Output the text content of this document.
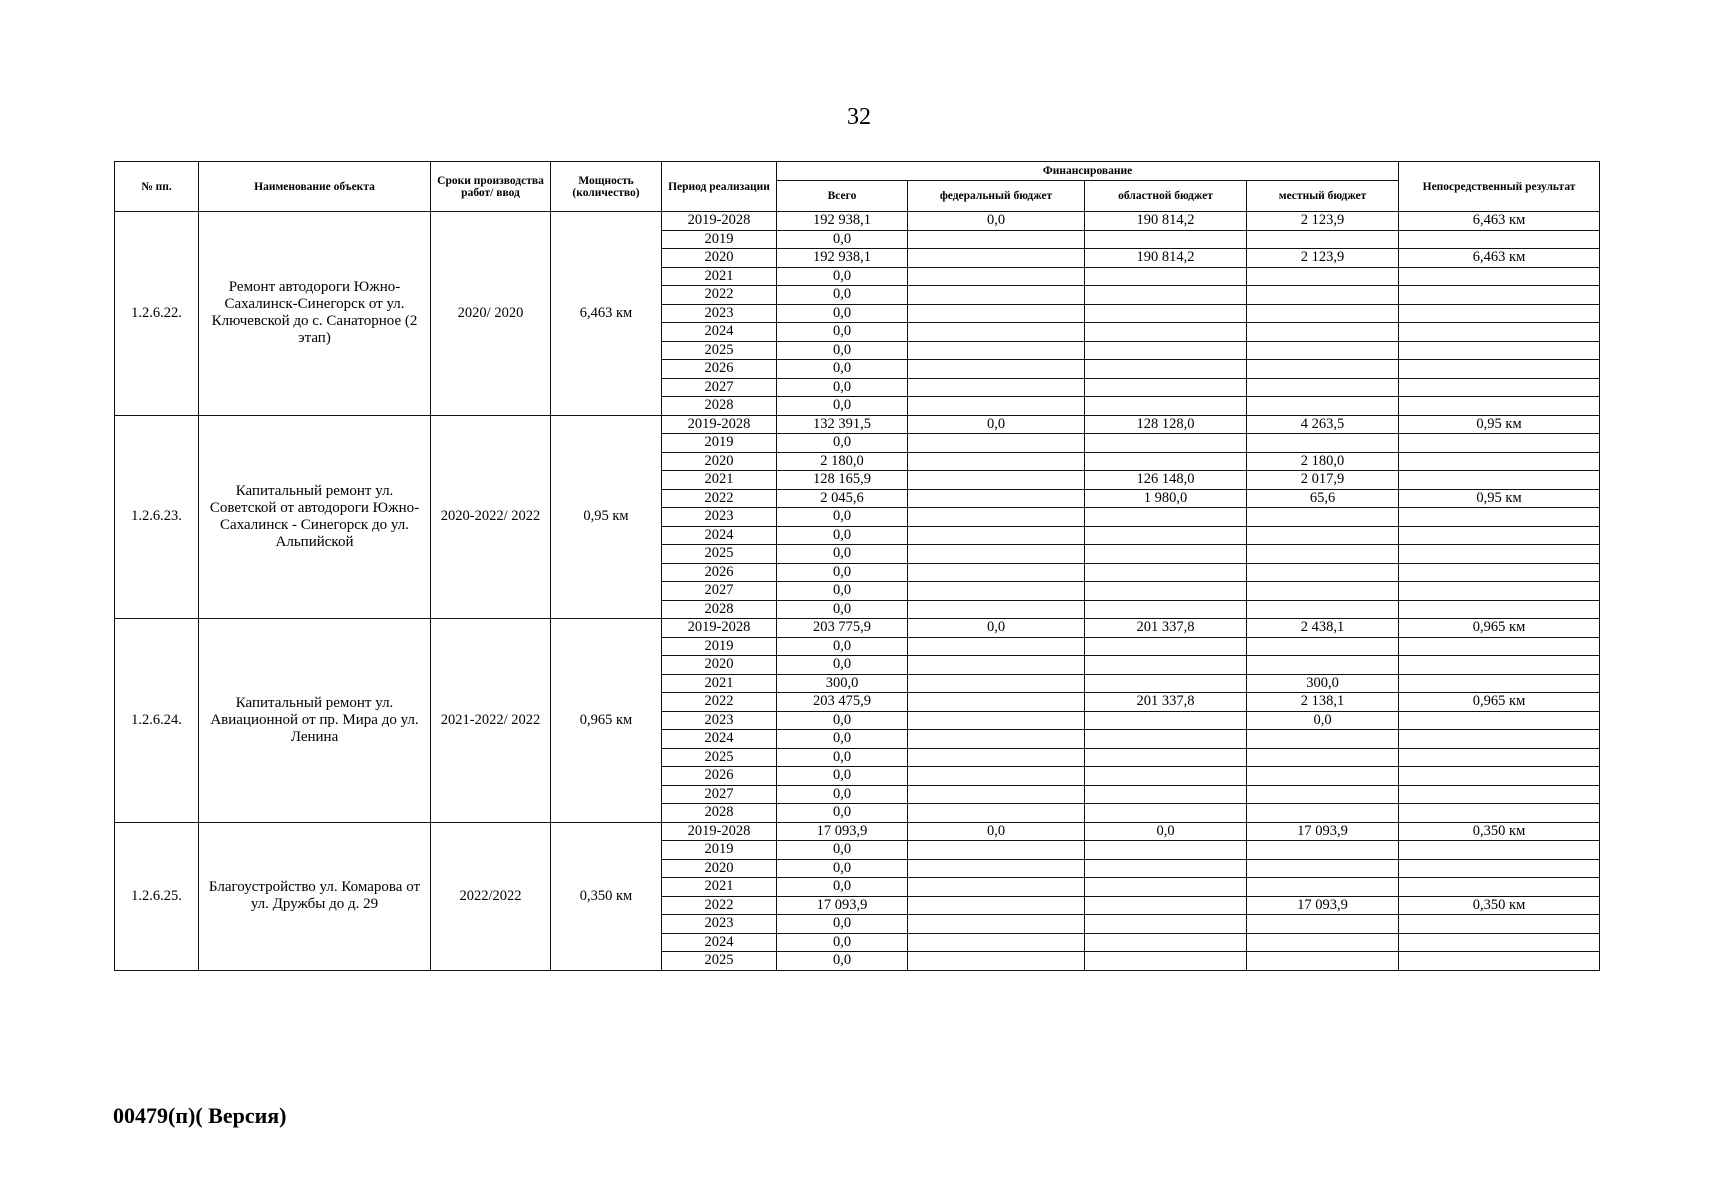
32
№ пп.	Наименование объекта	Сроки производства работ/ ввод	Мощность (количество)	Период реализации	Финансирование				Непосредственный результат
					Всего	федеральный бюджет	областной бюджет	местный бюджет	
1.2.6.22.	Ремонт автодороги Южно-Сахалинск-Синегорск от ул. Ключевской до с. Санаторное (2 этап)	2020/ 2020	6,463 км	2019-2028	192 938,1	0,0	190 814,2	2 123,9	6,463 км
				2019	0,0				
				2020	192 938,1		190 814,2	2 123,9	6,463 км
				2021	0,0				
				2022	0,0				
				2023	0,0				
				2024	0,0				
				2025	0,0				
				2026	0,0				
				2027	0,0				
				2028	0,0				
1.2.6.23.	Капитальный ремонт ул. Советской от автодороги Южно-Сахалинск - Синегорск до ул. Альпийской	2020-2022/ 2022	0,95 км	2019-2028	132 391,5	0,0	128 128,0	4 263,5	0,95 км
				2019	0,0				
				2020	2 180,0			2 180,0	
				2021	128 165,9		126 148,0	2 017,9	
				2022	2 045,6		1 980,0	65,6	0,95 км
				2023	0,0				
				2024	0,0				
				2025	0,0				
				2026	0,0				
				2027	0,0				
				2028	0,0				
1.2.6.24.	Капитальный ремонт ул. Авиационной от пр. Мира до ул. Ленина	2021-2022/ 2022	0,965 км	2019-2028	203 775,9	0,0	201 337,8	2 438,1	0,965 км
				2019	0,0				
				2020	0,0				
				2021	300,0			300,0	
				2022	203 475,9		201 337,8	2 138,1	0,965 км
				2023	0,0			0,0	
				2024	0,0				
				2025	0,0				
				2026	0,0				
				2027	0,0				
				2028	0,0				
1.2.6.25.	Благоустройство ул. Комарова от ул. Дружбы до д. 29	2022/2022	0,350 км	2019-2028	17 093,9	0,0	0,0	17 093,9	0,350 км
				2019	0,0				
				2020	0,0				
				2021	0,0				
				2022	17 093,9			17 093,9	0,350 км
				2023	0,0				
				2024	0,0				
				2025	0,0				
00479(п)( Версия)
